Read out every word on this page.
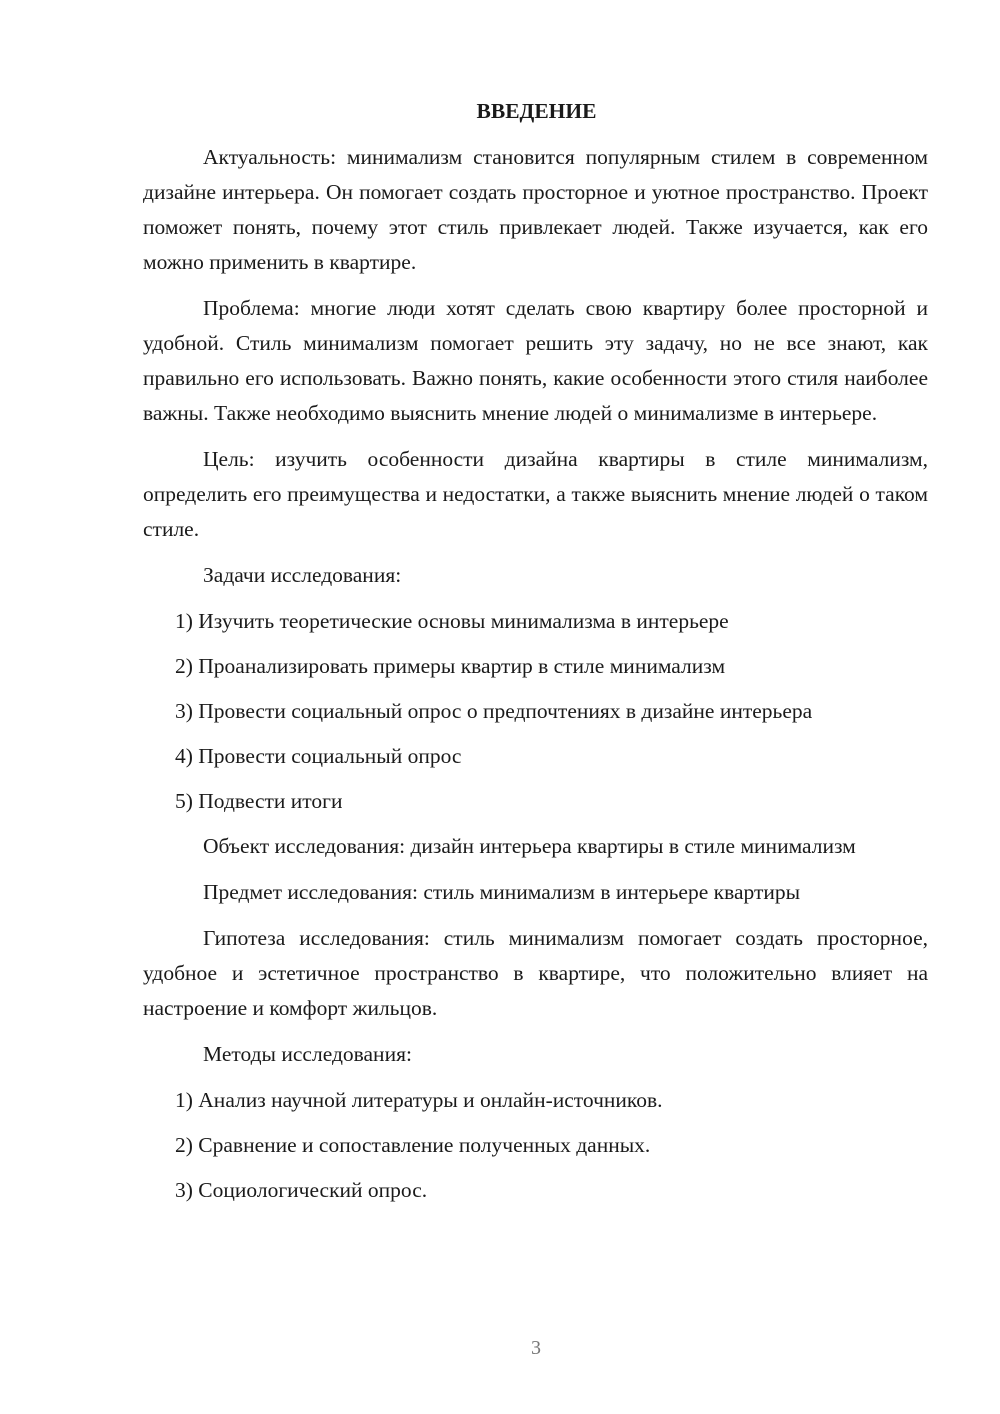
ВВЕДЕНИЕ

Актуальность: минимализм становится популярным стилем в современном дизайне интерьера. Он помогает создать просторное и уютное пространство. Проект поможет понять, почему этот стиль привлекает людей. Также изучается, как его можно применить в квартире.

Проблема: многие люди хотят сделать свою квартиру более просторной и удобной. Стиль минимализм помогает решить эту задачу, но не все знают, как правильно его использовать. Важно понять, какие особенности этого стиля наиболее важны. Также необходимо выяснить мнение людей о минимализме в интерьере.

Цель: изучить особенности дизайна квартиры в стиле минимализм, определить его преимущества и недостатки, а также выяснить мнение людей о таком стиле.

Задачи исследования:

1) Изучить теоретические основы минимализма в интерьере
2) Проанализировать примеры квартир в стиле минимализм
3) Провести социальный опрос о предпочтениях в дизайне интерьера
4) Провести социальный опрос
5) Подвести итоги

Объект исследования: дизайн интерьера квартиры в стиле минимализм

Предмет исследования: стиль минимализм в интерьере квартиры

Гипотеза исследования: стиль минимализм помогает создать просторное, удобное и эстетичное пространство в квартире, что положительно влияет на настроение и комфорт жильцов.

Методы исследования:

1) Анализ научной литературы и онлайн-источников.
2) Сравнение и сопоставление полученных данных.
3) Социологический опрос.
3
